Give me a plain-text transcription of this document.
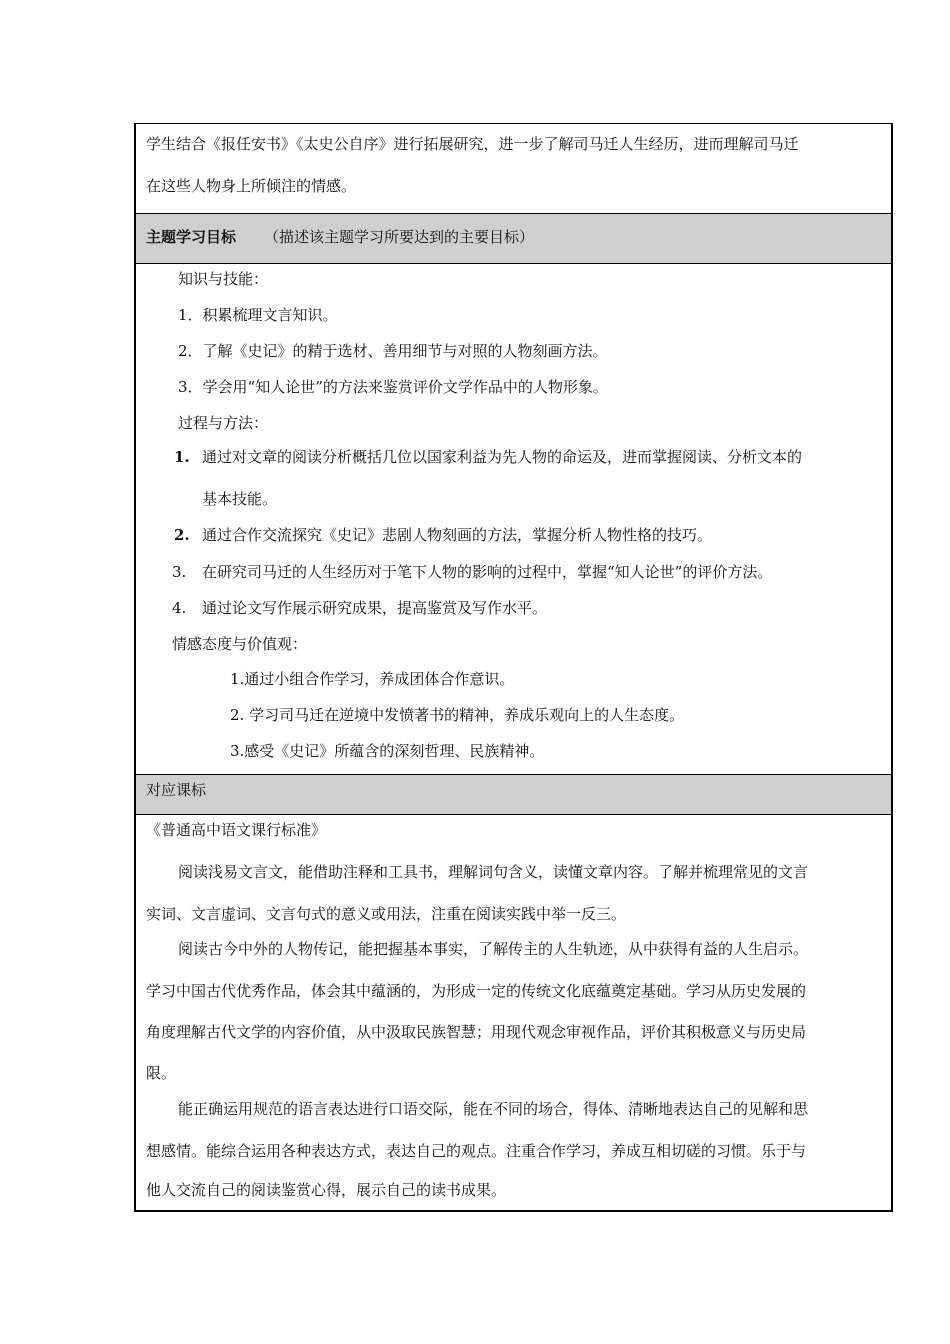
学生结合《报任安书》《太史公自序》进行拓展研究，进一步了解司马迁人生经历，进而理解司马迁
在这些人物身上所倾注的情感。
主题学习目标 （描述该主题学习所要达到的主要目标）
知识与技能：
1．积累梳理文言知识。
2．了解《史记》的精于选材、善用细节与对照的人物刻画方法。
3．学会用“知人论世”的方法来鉴赏评价文学作品中的人物形象。
过程与方法：
1. 通过对文章的阅读分析概括几位以国家利益为先人物的命运及，进而掌握阅读、分析文本的
基本技能。
2. 通过合作交流探究《史记》悲剧人物刻画的方法，掌握分析人物性格的技巧。
3. 在研究司马迁的人生经历对于笔下人物的影响的过程中，掌握“知人论世”的评价方法。
4. 通过论文写作展示研究成果，提高鉴赏及写作水平。
情感态度与价值观：
1.通过小组合作学习，养成团体合作意识。
2. 学习司马迁在逆境中发愤著书的精神，养成乐观向上的人生态度。
3.感受《史记》所蕴含的深刻哲理、民族精神。
对应课标
《普通高中语文课行标准》
阅读浅易文言文，能借助注释和工具书，理解词句含义，读懂文章内容。了解并梳理常见的文言
实词、文言虚词、文言句式的意义或用法，注重在阅读实践中举一反三。
阅读古今中外的人物传记，能把握基本事实，了解传主的人生轨迹，从中获得有益的人生启示。
学习中国古代优秀作品，体会其中蕴涵的，为形成一定的传统文化底蕴奠定基础。学习从历史发展的
角度理解古代文学的内容价值，从中汲取民族智慧；用现代观念审视作品，评价其积极意义与历史局
限。
能正确运用规范的语言表达进行口语交际，能在不同的场合，得体、清晰地表达自己的见解和思
想感情。能综合运用各种表达方式，表达自己的观点。注重合作学习，养成互相切磋的习惯。乐于与
他人交流自己的阅读鉴赏心得，展示自己的读书成果。
